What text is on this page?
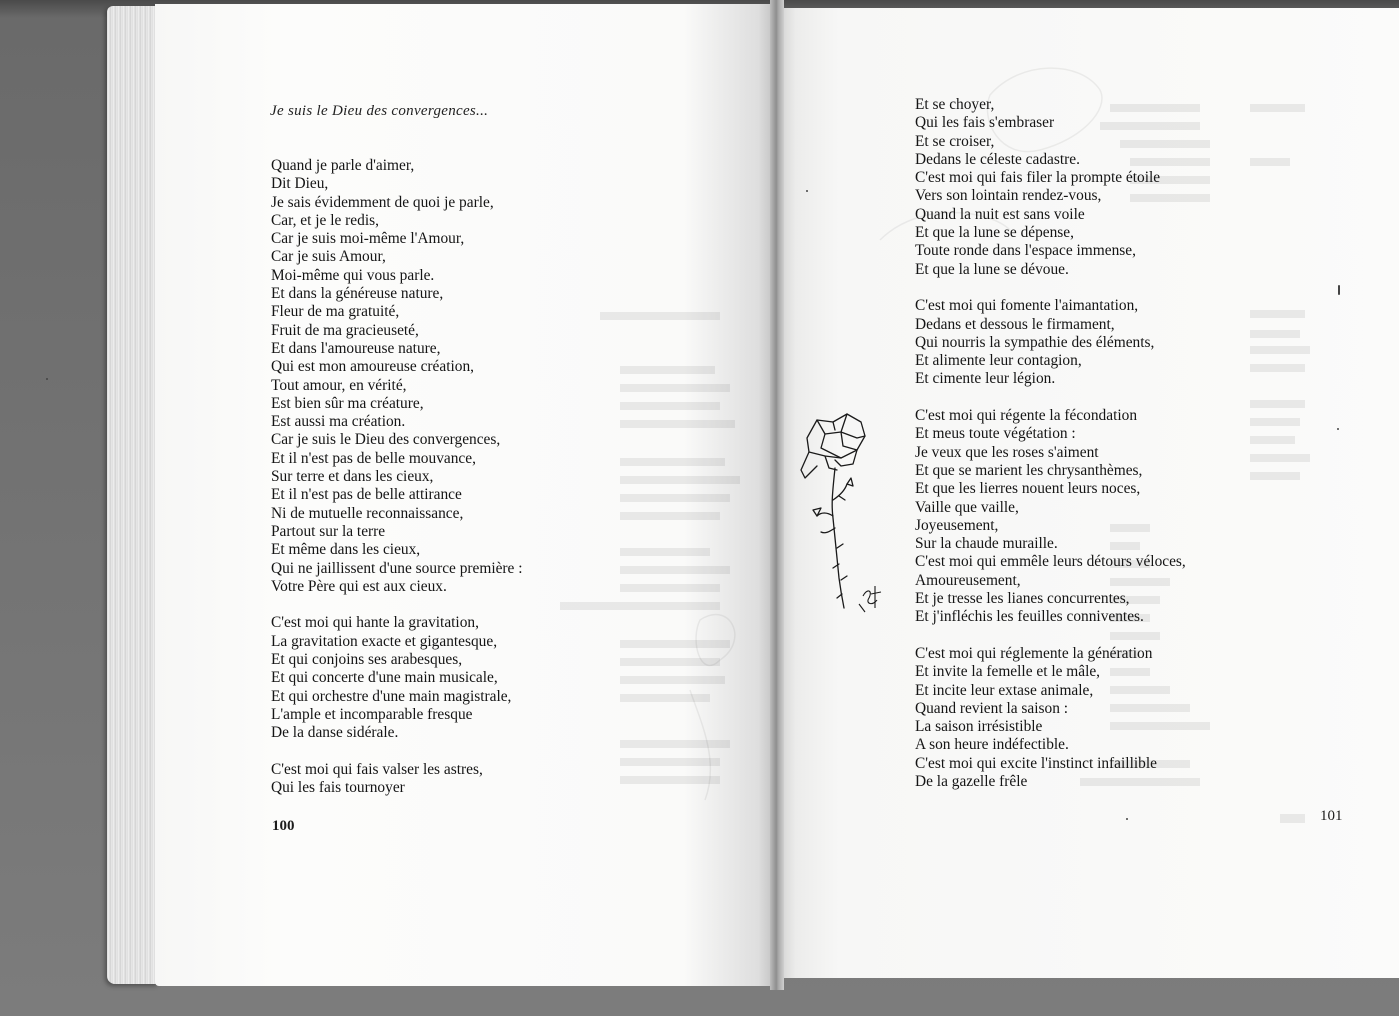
Je suis le Dieu des convergences...
Quand je parle d'aimer,
Dit Dieu,
Je sais évidemment de quoi je parle,
Car, et je le redis,
Car je suis moi-même l'Amour,
Car je suis Amour,
Moi-même qui vous parle.
Et dans la généreuse nature,
Fleur de ma gratuité,
Fruit de ma gracieuseté,
Et dans l'amoureuse nature,
Qui est mon amoureuse création,
Tout amour, en vérité,
Est bien sûr ma créature,
Est aussi ma création.
Car je suis le Dieu des convergences,
Et il n'est pas de belle mouvance,
Sur terre et dans les cieux,
Et il n'est pas de belle attirance
Ni de mutuelle reconnaissance,
Partout sur la terre
Et même dans les cieux,
Qui ne jaillissent d'une source première :
Votre Père qui est aux cieux.
C'est moi qui hante la gravitation,
La gravitation exacte et gigantesque,
Et qui conjoins ses arabesques,
Et qui concerte d'une main musicale,
Et qui orchestre d'une main magistrale,
L'ample et incomparable fresque
De la danse sidérale.
C'est moi qui fais valser les astres,
Qui les fais tournoyer
100
Et se choyer,
Qui les fais s'embraser
Et se croiser,
Dedans le céleste cadastre.
C'est moi qui fais filer la prompte étoile
Vers son lointain rendez-vous,
Quand la nuit est sans voile
Et que la lune se dépense,
Toute ronde dans l'espace immense,
Et que la lune se dévoue.
C'est moi qui fomente l'aimantation,
Dedans et dessous le firmament,
Qui nourris la sympathie des éléments,
Et alimente leur contagion,
Et cimente leur légion.
C'est moi qui régente la fécondation
Et meus toute végétation :
Je veux que les roses s'aiment
Et que se marient les chrysanthèmes,
Et que les lierres nouent leurs noces,
Vaille que vaille,
Joyeusement,
Sur la chaude muraille.
C'est moi qui emmêle leurs détours véloces,
Amoureusement,
Et je tresse les lianes concurrentes,
Et j'infléchis les feuilles conniventes.
C'est moi qui réglemente la génération
Et invite la femelle et le mâle,
Et incite leur extase animale,
Quand revient la saison :
La saison irrésistible
A son heure indéfectible.
C'est moi qui excite l'instinct infaillible
De la gazelle frêle
101
